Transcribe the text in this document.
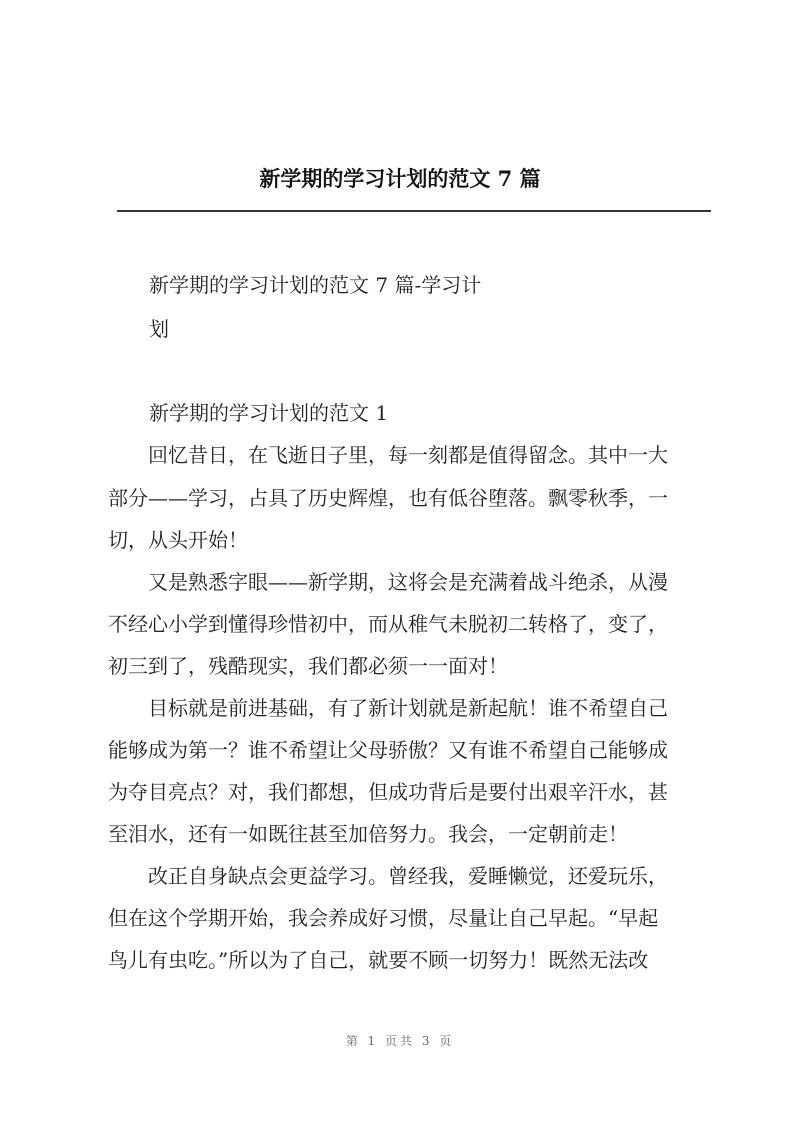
新学期的学习计划的范文 7 篇
新学期的学习计划的范文 7 篇-学习计
划
新学期的学习计划的范文 1
　　回忆昔日，在飞逝日子里，每一刻都是值得留念。其中一大
部分——学习，占具了历史辉煌，也有低谷堕落。飘零秋季，一
切，从头开始！
　　又是熟悉字眼——新学期，这将会是充满着战斗绝杀，从漫
不经心小学到懂得珍惜初中，而从稚气未脱初二转格了，变了，
初三到了，残酷现实，我们都必须一一面对！
　　目标就是前进基础，有了新计划就是新起航！谁不希望自己
能够成为第一？谁不希望让父母骄傲？又有谁不希望自己能够成
为夺目亮点？对，我们都想，但成功背后是要付出艰辛汗水，甚
至泪水，还有一如既往甚至加倍努力。我会，一定朝前走！
　　改正自身缺点会更益学习。曾经我，爱睡懒觉，还爱玩乐，
但在这个学期开始，我会养成好习惯，尽量让自己早起。“早起
鸟儿有虫吃。”所以为了自己，就要不顾一切努力！既然无法改
第 1 页共 3 页
